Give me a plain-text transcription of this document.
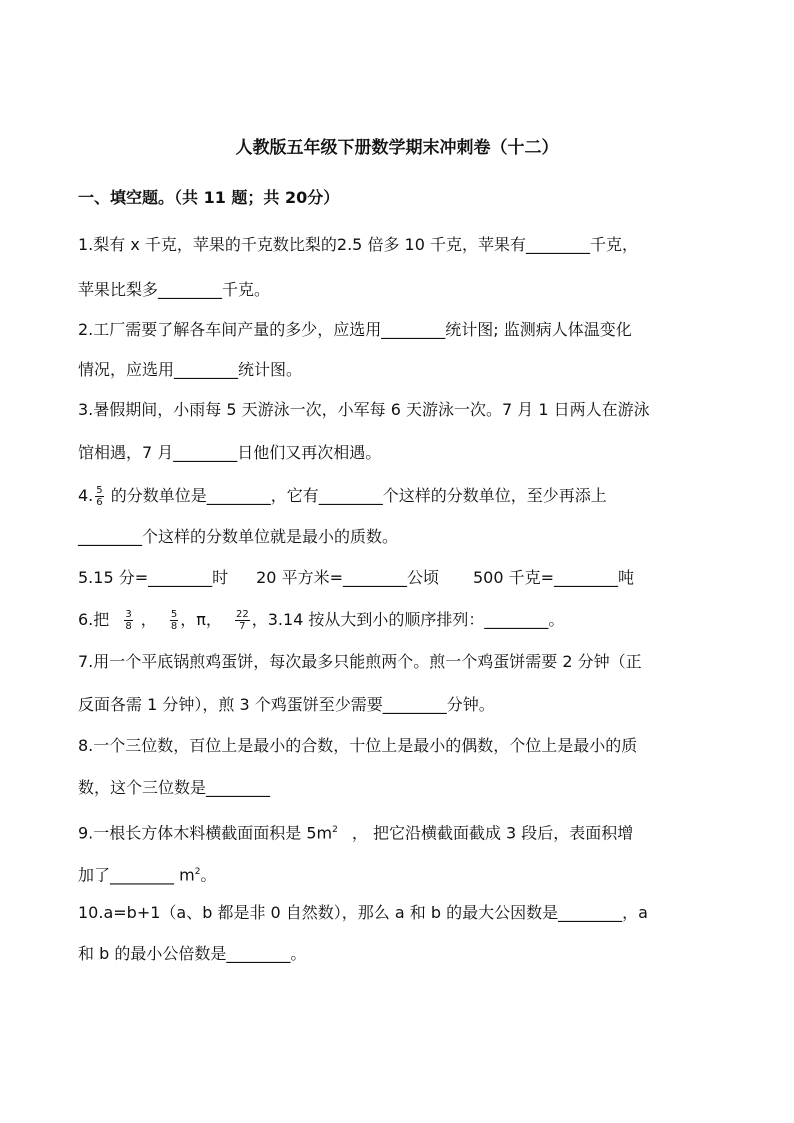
人教版五年级下册数学期末冲刺卷（十二）
一、填空题。（共 11 题；共 20分）
1.梨有 x 千克，苹果的千克数比梨的2.5 倍多 10 千克，苹果有________千克，
苹果比梨多________千克。
2.工厂需要了解各车间产量的多少，应选用________统计图; 监测病人体温变化
情况，应选用________统计图。
3.暑假期间，小雨每 5 天游泳一次，小军每 6 天游泳一次。7 月 1 日两人在游泳
馆相遇，7 月________日他们又再次相遇。
4. $\frac{5}{6}$ 的分数单位是________，它有________个这样的分数单位，至少再添上
________个这样的分数单位就是最小的质数。
5.15 分=________时 20 平方米=________公顷 500 千克=________吨
6.把 $\frac{3}{8}$ ， $\frac{5}{8}$ ，π， $\frac{22}{7}$ ，3.14 按从大到小的顺序排列：________。
7.用一个平底锅煎鸡蛋饼，每次最多只能煎两个。煎一个鸡蛋饼需要 2 分钟（正
反面各需 1 分钟），煎 3 个鸡蛋饼至少需要________分钟。
8.一个三位数，百位上是最小的合数，十位上是最小的偶数，个位上是最小的质
数，这个三位数是________
9.一根长方体木料横截面面积是 $5m^2$ ， 把它沿横截面截成 3 段后，表面积增
加了________ $m^2$。
10.a=b+1（a、b 都是非 0 自然数），那么 a 和 b 的最大公因数是________，a
和 b 的最小公倍数是________。
